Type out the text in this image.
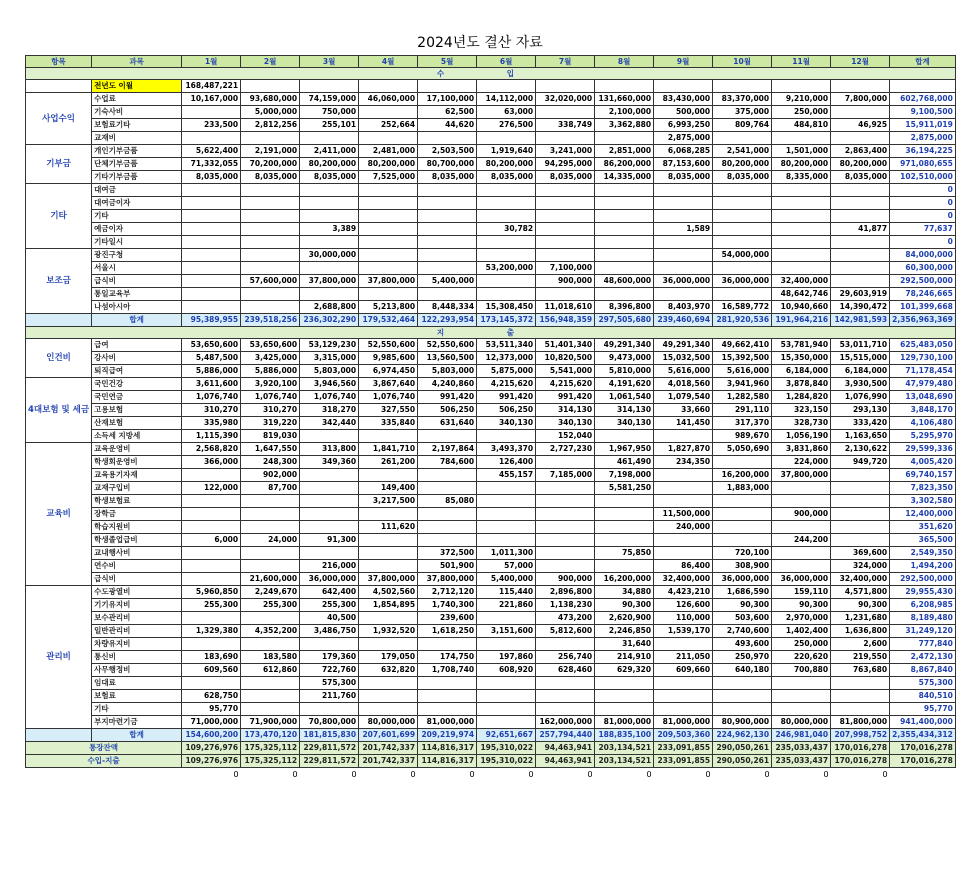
2024년도 결산 자료
항목	과목	1월	2월	3월	4월	5월	6월	7월	8월	9월	10월	11월	12월	합계
수 입														
	전년도 이월	168,487,221												
사업수익	수업료	10,167,000	93,680,000	74,159,000	46,060,000	17,100,000	14,112,000	32,020,000	131,660,000	83,430,000	83,370,000	9,210,000	7,800,000	602,768,000
	기숙사비		5,000,000	750,000		62,500	63,000		2,100,000	500,000	375,000	250,000		9,100,500
	보험료기타	233,500	2,812,256	255,101	252,664	44,620	276,500	338,749	3,362,880	6,993,250	809,764	484,810	46,925	15,911,019
	교재비									2,875,000				2,875,000
기부금	개인기부금품	5,622,400	2,191,000	2,411,000	2,481,000	2,503,500	1,919,640	3,241,000	2,851,000	6,068,285	2,541,000	1,501,000	2,863,400	36,194,225
	단체기부금품	71,332,055	70,200,000	80,200,000	80,200,000	80,700,000	80,200,000	94,295,000	86,200,000	87,153,600	80,200,000	80,200,000	80,200,000	971,080,655
	기타기부금품	8,035,000	8,035,000	8,035,000	7,525,000	8,035,000	8,035,000	8,035,000	14,335,000	8,035,000	8,035,000	8,335,000	8,035,000	102,510,000
기타	대여금													0
	대여금이자													0
	기타													0
	예금이자			3,389			30,782			1,589			41,877	77,637
	기타일시													0
보조금	광진구청			30,000,000							54,000,000			84,000,000
	서울시						53,200,000	7,100,000						60,300,000
	급식비		57,600,000	37,800,000	37,800,000	5,400,000		900,000	48,600,000	36,000,000	36,000,000	32,400,000		292,500,000
	통일교육부											48,642,746	29,603,919	78,246,665
	나섬아시아			2,688,800	5,213,800	8,448,334	15,308,450	11,018,610	8,396,800	8,403,970	16,589,772	10,940,660	14,390,472	101,399,668
	합계	95,389,955	239,518,256	236,302,290	179,532,464	122,293,954	173,145,372	156,948,359	297,505,680	239,460,694	281,920,536	191,964,216	142,981,593	2,356,963,369
지 출														
인건비	급여	53,650,600	53,650,600	53,129,230	52,550,600	52,550,600	53,511,340	51,401,340	49,291,340	49,291,340	49,662,410	53,781,940	53,011,710	625,483,050
	강사비	5,487,500	3,425,000	3,315,000	9,985,600	13,560,500	12,373,000	10,820,500	9,473,000	15,032,500	15,392,500	15,350,000	15,515,000	129,730,100
	퇴직급여	5,886,000	5,886,000	5,803,000	6,974,450	5,803,000	5,875,000	5,541,000	5,810,000	5,616,000	5,616,000	6,184,000	6,184,000	71,178,454
4대보험 및 세금	국민건강	3,611,600	3,920,100	3,946,560	3,867,640	4,240,860	4,215,620	4,215,620	4,191,620	4,018,560	3,941,960	3,878,840	3,930,500	47,979,480
	국민연금	1,076,740	1,076,740	1,076,740	1,076,740	991,420	991,420	991,420	1,061,540	1,079,540	1,282,580	1,284,820	1,076,990	13,048,690
	고용보험	310,270	310,270	318,270	327,550	506,250	506,250	314,130	314,130	33,660	291,110	323,150	293,130	3,848,170
	산재보험	335,980	319,220	342,440	335,840	631,640	340,130	340,130	340,130	141,450	317,370	328,730	333,420	4,106,480
	소득세 지방세	1,115,390	819,030					152,040			989,670	1,056,190	1,163,650	5,295,970
교육비	교육운영비	2,568,820	1,647,550	313,800	1,841,710	2,197,864	3,493,370	2,727,230	1,967,950	1,827,870	5,050,690	3,831,860	2,130,622	29,599,336
	학생회운영비	366,000	248,300	349,360	261,200	784,600	126,400		461,490	234,350		224,000	949,720	4,005,420
	교육용기자재		902,000				455,157	7,185,000	7,198,000		16,200,000	37,800,000		69,740,157
	교재구입비	122,000	87,700		149,400				5,581,250		1,883,000			7,823,350
	학생보험료				3,217,500	85,080								3,302,580
	장학금									11,500,000		900,000		12,400,000
	학습지원비				111,620					240,000				351,620
	학생졸업급비	6,000	24,000	91,300								244,200		365,500
	교내행사비					372,500	1,011,300		75,850		720,100		369,600	2,549,350
	연수비			216,000		501,900	57,000			86,400	308,900		324,000	1,494,200
	급식비		21,600,000	36,000,000	37,800,000	37,800,000	5,400,000	900,000	16,200,000	32,400,000	36,000,000	36,000,000	32,400,000	292,500,000
관리비	수도광열비	5,960,850	2,249,670	642,400	4,502,560	2,712,120	115,440	2,896,800	34,880	4,423,210	1,686,590	159,110	4,571,800	29,955,430
	기기유지비	255,300	255,300	255,300	1,854,895	1,740,300	221,860	1,138,230	90,300	126,600	90,300	90,300	90,300	6,208,985
	보수관리비			40,500		239,600		473,200	2,620,900	110,000	503,600	2,970,000	1,231,680	8,189,480
	일반관리비	1,329,380	4,352,200	3,486,750	1,932,520	1,618,250	3,151,600	5,812,600	2,246,850	1,539,170	2,740,600	1,402,400	1,636,800	31,249,120
	차량유지비								31,640		493,600	250,000	2,600	777,840
	통신비	183,690	183,580	179,360	179,050	174,750	197,860	256,740	214,910	211,050	250,970	220,620	219,550	2,472,130
	사무행정비	609,560	612,860	722,760	632,820	1,708,740	608,920	628,460	629,320	609,660	640,180	700,880	763,680	8,867,840
	임대료			575,300										575,300
	보험료	628,750		211,760										840,510
	기타	95,770												95,770
	부지마련기금	71,000,000	71,900,000	70,800,000	80,000,000	81,000,000		162,000,000	81,000,000	81,000,000	80,900,000	80,000,000	81,800,000	941,400,000
	합계	154,600,200	173,470,120	181,815,830	207,601,699	209,219,974	92,651,667	257,794,440	188,835,100	209,503,360	224,962,130	246,981,040	207,998,752	2,355,434,312
통장잔액		109,276,976	175,325,112	229,811,572	201,742,337	114,816,317	195,310,022	94,463,941	203,134,521	233,091,855	290,050,261	235,033,437	170,016,278	170,016,278
수입-지출		109,276,976	175,325,112	229,811,572	201,742,337	114,816,317	195,310,022	94,463,941	203,134,521	233,091,855	290,050,261	235,033,437	170,016,278	170,016,278
		0	0	0	0	0	0	0	0	0	0	0	0	
